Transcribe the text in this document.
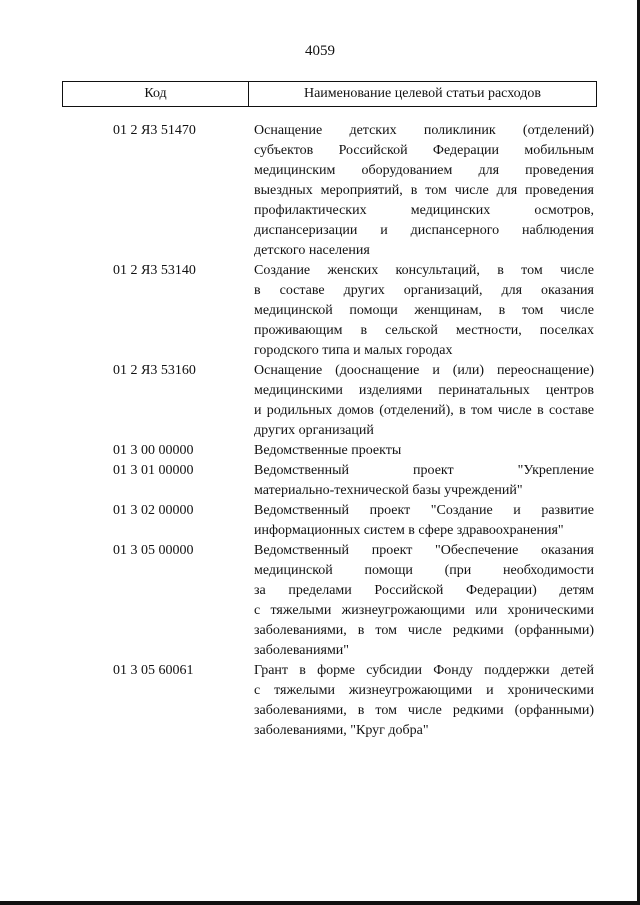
4059
Код	Наименование целевой статьи расходов
01 2 Я3 51470	Оснащение детских поликлиник (отделений)
субъектов Российской Федерации мобильным
медицинским оборудованием для проведения
выездных мероприятий, в том числе для проведения
профилактических медицинских осмотров,
диспансеризации и диспансерного наблюдения
детского населения
01 2 Я3 53140	Создание женских консультаций, в том числе
в составе других организаций, для оказания
медицинской помощи женщинам, в том числе
проживающим в сельской местности, поселках
городского типа и малых городах
01 2 Я3 53160	Оснащение (дооснащение и (или) переоснащение)
медицинскими изделиями перинатальных центров
и родильных домов (отделений), в том числе в составе
других организаций
01 3 00 00000	Ведомственные проекты
01 3 01 00000	Ведомственный проект "Укрепление
материально-технической базы учреждений"
01 3 02 00000	Ведомственный проект "Создание и развитие
информационных систем в сфере здравоохранения"
01 3 05 00000	Ведомственный проект "Обеспечение оказания
медицинской помощи (при необходимости
за пределами Российской Федерации) детям
с тяжелыми жизнеугрожающими или хроническими
заболеваниями, в том числе редкими (орфанными)
заболеваниями"
01 3 05 60061	Грант в форме субсидии Фонду поддержки детей
с тяжелыми жизнеугрожающими и хроническими
заболеваниями, в том числе редкими (орфанными)
заболеваниями, "Круг добра"
